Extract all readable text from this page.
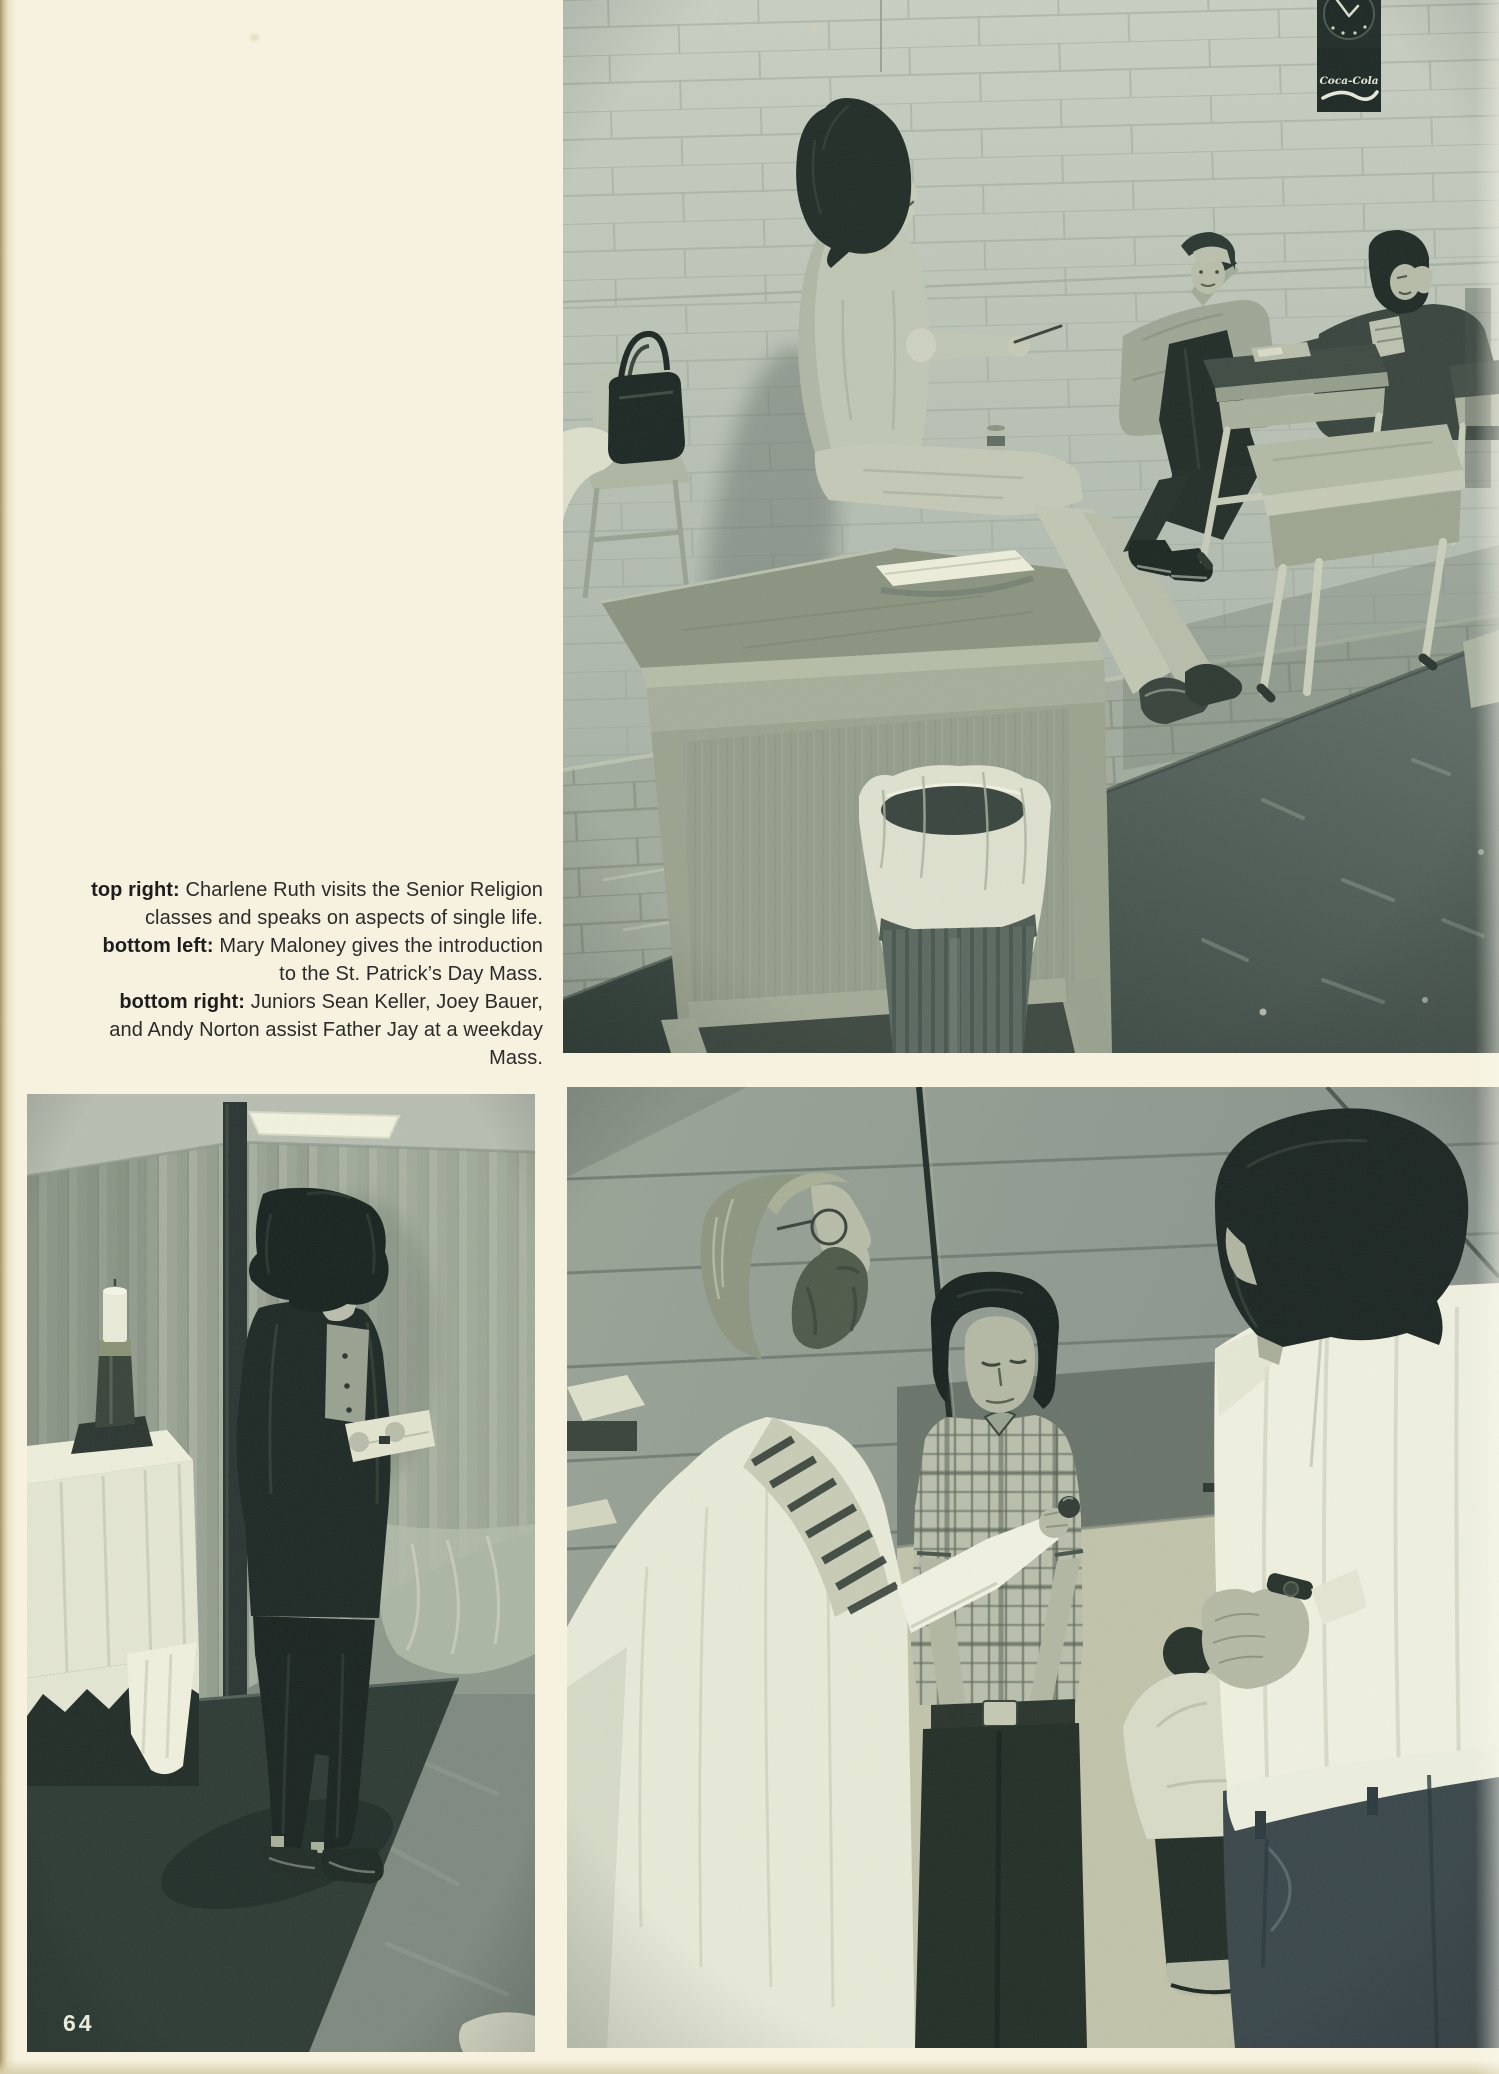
top right: Charlene Ruth visits the Senior Religion
classes and speaks on aspects of single life.
bottom left: Mary Maloney gives the introduction
to the St. Patrick’s Day Mass.
bottom right: Juniors Sean Keller, Joey Bauer,
and Andy Norton assist Father Jay at a weekday
Mass.
64
